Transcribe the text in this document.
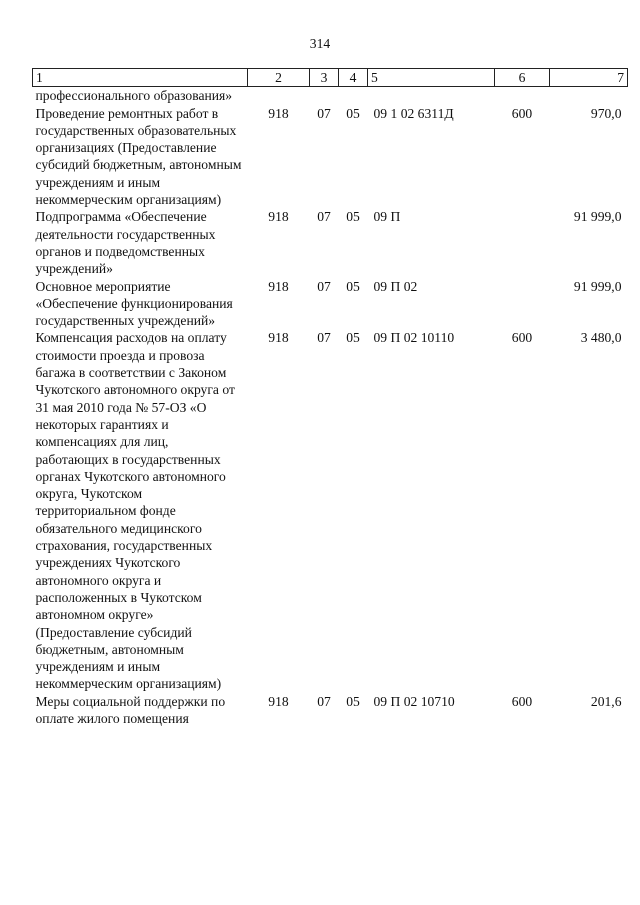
314
1	2	3	4	5	6	7
профессионального образования»						
Проведение ремонтных работ в государственных образовательных организациях (Предоставление субсидий бюджетным, автономным учреждениям и иным некоммерческим организациям)	918	07	05	09 1 02 6311Д	600	970,0
Подпрограмма «Обеспечение деятельности государственных органов и подведомственных учреждений»	918	07	05	09 П		91 999,0
Основное мероприятие «Обеспечение функционирования государственных учреждений»	918	07	05	09 П 02		91 999,0
Компенсация расходов на оплату стоимости проезда и провоза багажа в соответствии с Законом Чукотского автономного округа от 31 мая 2010 года № 57-ОЗ «О некоторых гарантиях и компенсациях для лиц, работающих в государственных органах Чукотского автономного округа, Чукотском территориальном фонде обязательного медицинского страхования, государственных учреждениях Чукотского автономного округа и расположенных в Чукотском автономном округе» (Предоставление субсидий бюджетным, автономным учреждениям и иным некоммерческим организациям)	918	07	05	09 П 02 10110	600	3 480,0
Меры социальной поддержки по оплате жилого помещения	918	07	05	09 П 02 10710	600	201,6
